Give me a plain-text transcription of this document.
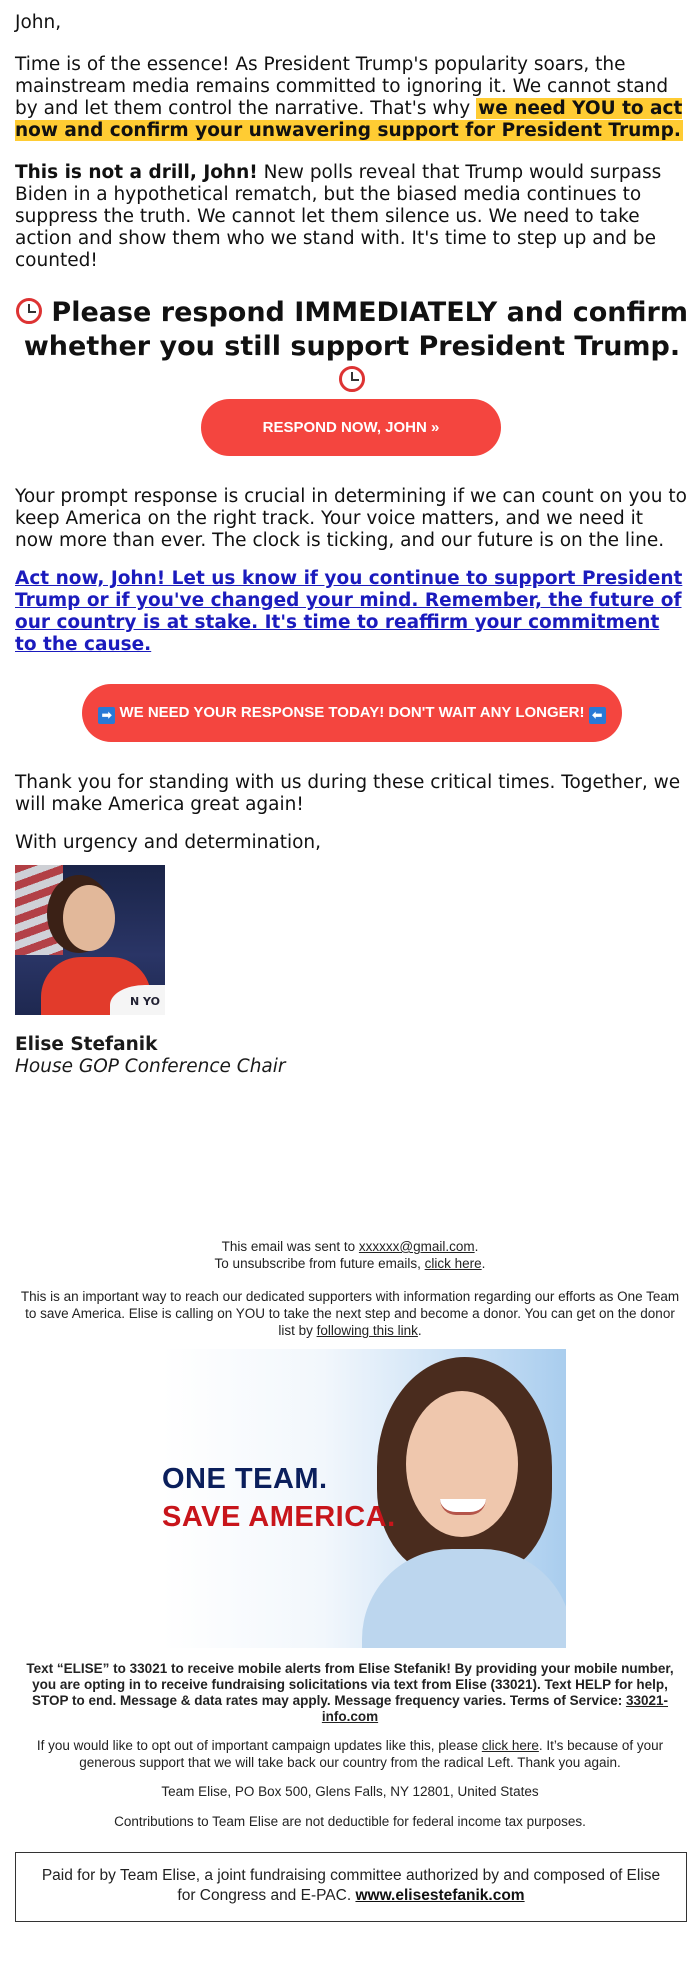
John,
Time is of the essence! As President Trump's popularity soars, the mainstream media remains committed to ignoring it. We cannot stand by and let them control the narrative. That's why we need YOU to act now and confirm your unwavering support for President Trump.
This is not a drill, John! New polls reveal that Trump would surpass Biden in a hypothetical rematch, but the biased media continues to suppress the truth. We cannot let them silence us. We need to take action and show them who we stand with. It's time to step up and be counted!
Please respond IMMEDIATELY and confirm whether you still support President Trump.
RESPOND NOW, JOHN »
Your prompt response is crucial in determining if we can count on you to keep America on the right track. Your voice matters, and we need it now more than ever. The clock is ticking, and our future is on the line.
Act now, John! Let us know if you continue to support President Trump or if you've changed your mind. Remember, the future of our country is at stake. It's time to reaffirm your commitment to the cause.
➡ WE NEED YOUR RESPONSE TODAY! DON'T WAIT ANY LONGER! ⬅
Thank you for standing with us during these critical times. Together, we will make America great again!
With urgency and determination,
N YO
Elise Stefanik
House GOP Conference Chair
This email was sent to xxxxxx@gmail.com.
To unsubscribe from future emails, click here.
This is an important way to reach our dedicated supporters with information regarding our efforts as One Team to save America. Elise is calling on YOU to take the next step and become a donor. You can get on the donor list by following this link.
ONE TEAM.
SAVE AMERICA.
Text “ELISE” to 33021 to receive mobile alerts from Elise Stefanik! By providing your mobile number, you are opting in to receive fundraising solicitations via text from Elise (33021). Text HELP for help, STOP to end. Message & data rates may apply. Message frequency varies. Terms of Service: 33021-info.com
If you would like to opt out of important campaign updates like this, please click here. It’s because of your generous support that we will take back our country from the radical Left. Thank you again.
Team Elise, PO Box 500, Glens Falls, NY 12801, United States
Contributions to Team Elise are not deductible for federal income tax purposes.
Paid for by Team Elise, a joint fundraising committee authorized by and composed of Elise for Congress and E-PAC. www.elisestefanik.com
